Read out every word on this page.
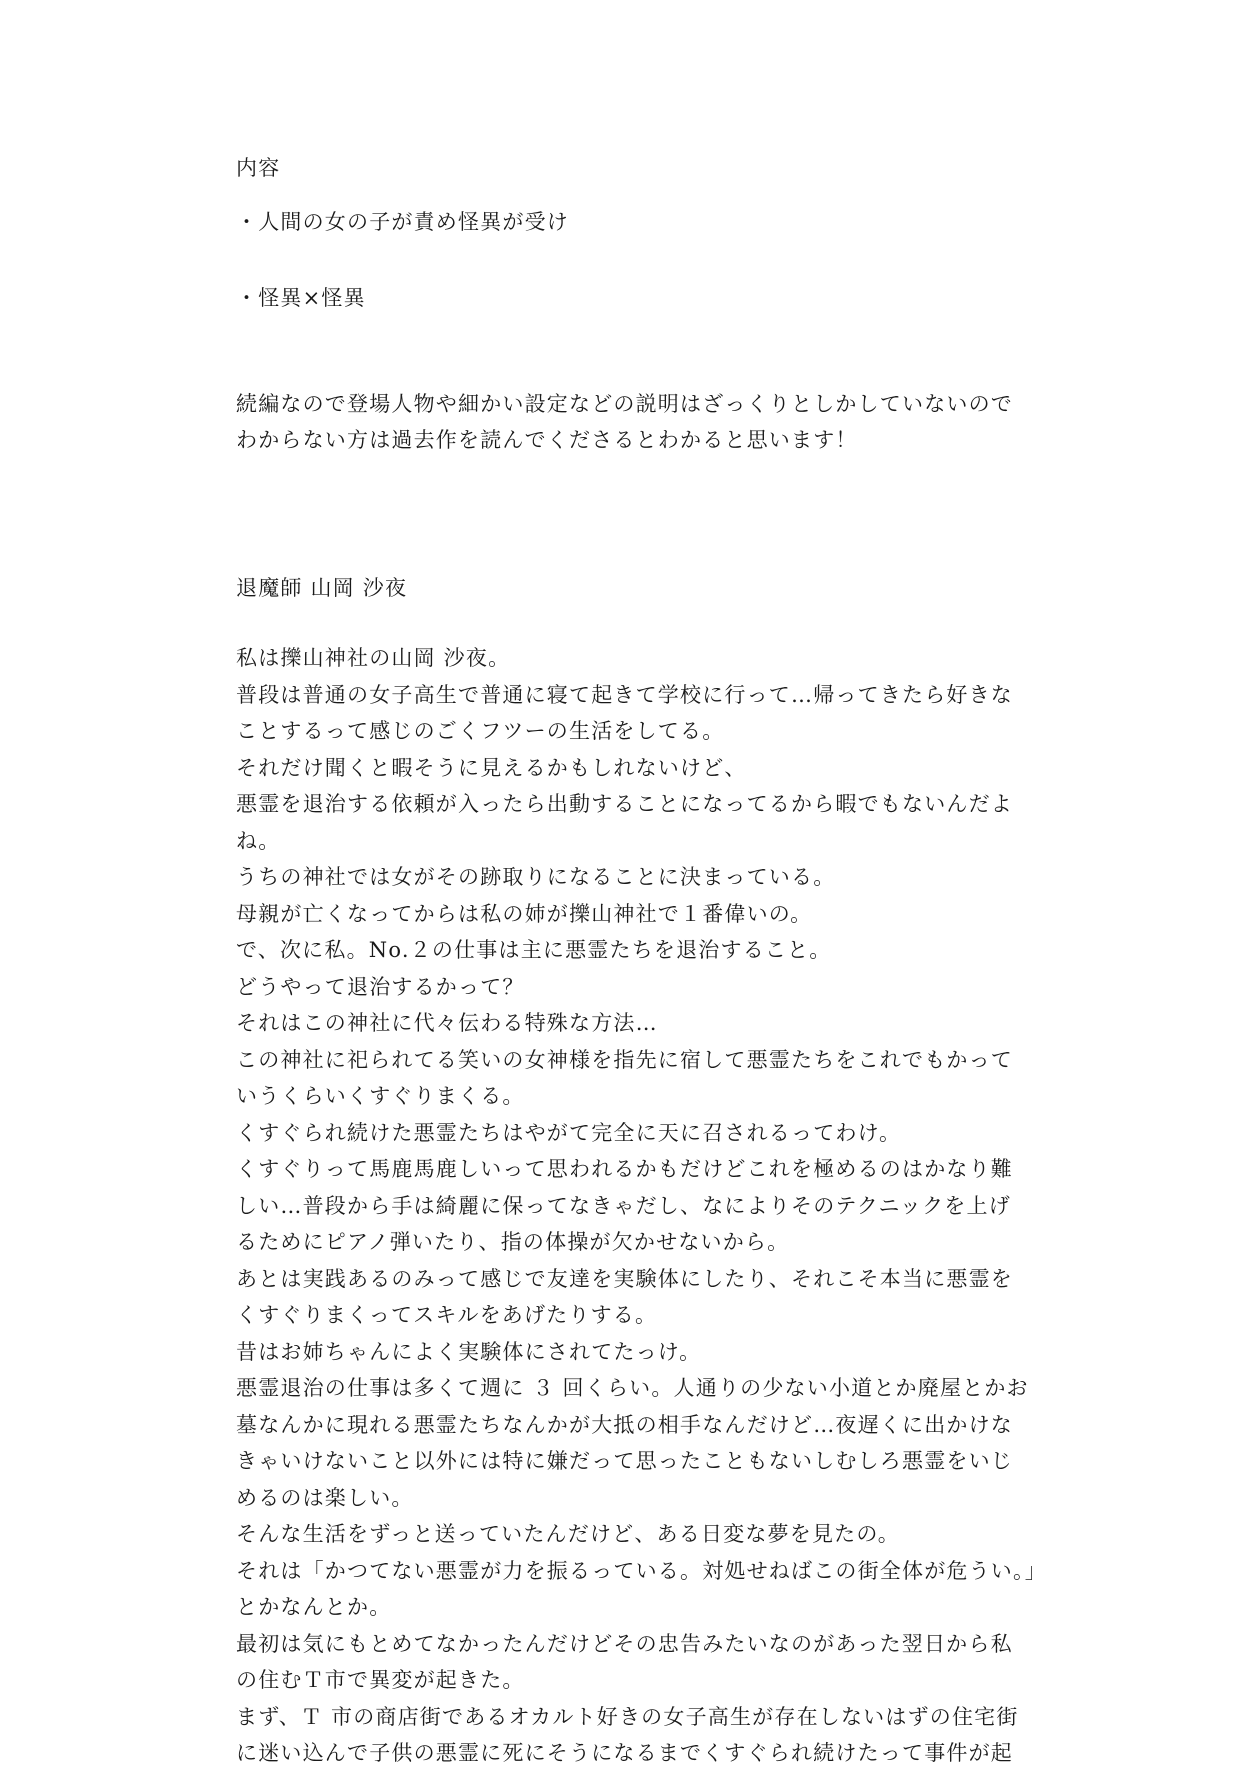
内容
・人間の女の子が責め怪異が受け
・怪異×怪異
続編なので登場人物や細かい設定などの説明はざっくりとしかしていないので
わからない方は過去作を読んでくださるとわかると思います！
退魔師 山岡 沙夜
私は擽山神社の山岡 沙夜。
普段は普通の女子高生で普通に寝て起きて学校に行って…帰ってきたら好きな
ことするって感じのごくフツーの生活をしてる。
それだけ聞くと暇そうに見えるかもしれないけど、
悪霊を退治する依頼が入ったら出動することになってるから暇でもないんだよ
ね。
うちの神社では女がその跡取りになることに決まっている。
母親が亡くなってからは私の姉が擽山神社で１番偉いの。
で、次に私。No.２の仕事は主に悪霊たちを退治すること。
どうやって退治するかって？
それはこの神社に代々伝わる特殊な方法…
この神社に祀られてる笑いの女神様を指先に宿して悪霊たちをこれでもかって
いうくらいくすぐりまくる。
くすぐられ続けた悪霊たちはやがて完全に天に召されるってわけ。
くすぐりって馬鹿馬鹿しいって思われるかもだけどこれを極めるのはかなり難
しい…普段から手は綺麗に保ってなきゃだし、なによりそのテクニックを上げ
るためにピアノ弾いたり、指の体操が欠かせないから。
あとは実践あるのみって感じで友達を実験体にしたり、それこそ本当に悪霊を
くすぐりまくってスキルをあげたりする。
昔はお姉ちゃんによく実験体にされてたっけ。
悪霊退治の仕事は多くて週に ３ 回くらい。人通りの少ない小道とか廃屋とかお
墓なんかに現れる悪霊たちなんかが大抵の相手なんだけど…夜遅くに出かけな
きゃいけないこと以外には特に嫌だって思ったこともないしむしろ悪霊をいじ
めるのは楽しい。
そんな生活をずっと送っていたんだけど、ある日変な夢を見たの。
それは「かつてない悪霊が力を振るっている。対処せねばこの街全体が危うい。」
とかなんとか。
最初は気にもとめてなかったんだけどその忠告みたいなのがあった翌日から私
の住むＴ市で異変が起きた。
まず、Ｔ 市の商店街であるオカルト好きの女子高生が存在しないはずの住宅街
に迷い込んで子供の悪霊に死にそうになるまでくすぐられ続けたって事件が起
